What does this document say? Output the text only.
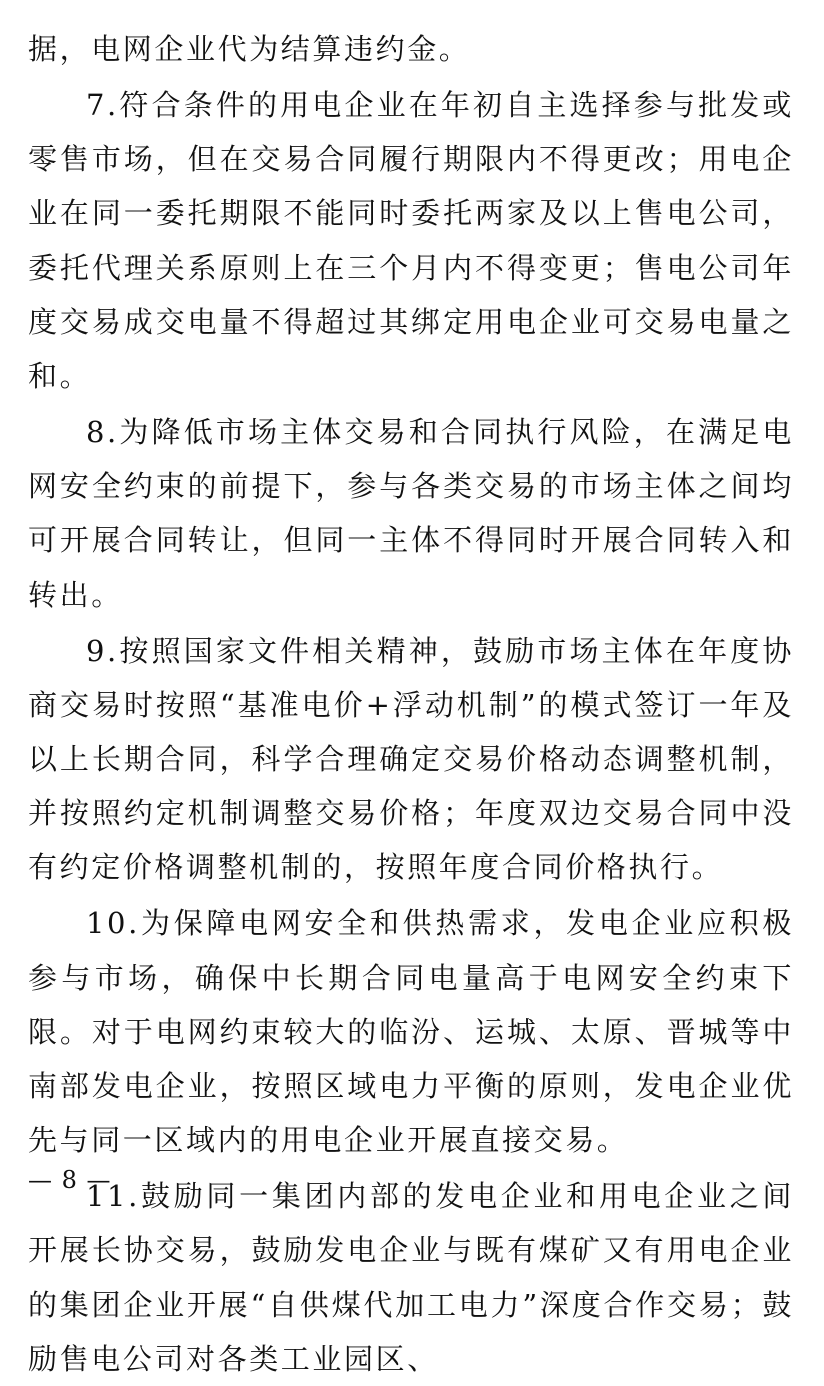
据，电网企业代为结算违约金。

7.符合条件的用电企业在年初自主选择参与批发或零售市场，但在交易合同履行期限内不得更改；用电企业在同一委托期限不能同时委托两家及以上售电公司，委托代理关系原则上在三个月内不得变更；售电公司年度交易成交电量不得超过其绑定用电企业可交易电量之和。

8.为降低市场主体交易和合同执行风险，在满足电网安全约束的前提下，参与各类交易的市场主体之间均可开展合同转让，但同一主体不得同时开展合同转入和转出。

9.按照国家文件相关精神，鼓励市场主体在年度协商交易时按照“基准电价+浮动机制”的模式签订一年及以上长期合同，科学合理确定交易价格动态调整机制，并按照约定机制调整交易价格；年度双边交易合同中没有约定价格调整机制的，按照年度合同价格执行。

10.为保障电网安全和供热需求，发电企业应积极参与市场，确保中长期合同电量高于电网安全约束下限。对于电网约束较大的临汾、运城、太原、晋城等中南部发电企业，按照区域电力平衡的原则，发电企业优先与同一区域内的用电企业开展直接交易。

11.鼓励同一集团内部的发电企业和用电企业之间开展长协交易，鼓励发电企业与既有煤矿又有用电企业的集团企业开展“自供煤代加工电力”深度合作交易；鼓励售电公司对各类工业园区、

— 8 —
